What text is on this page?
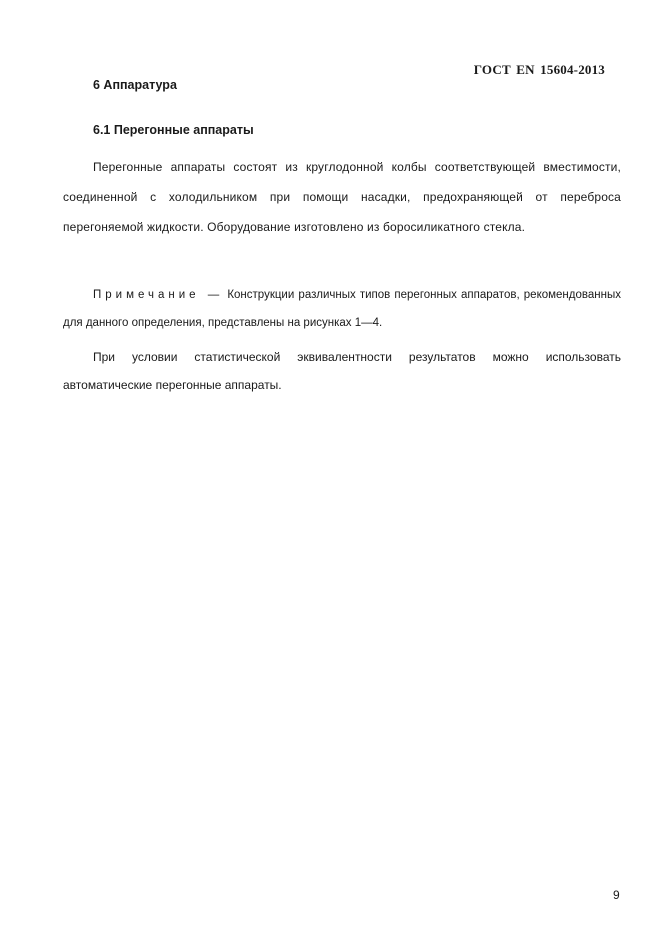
ГОСТ EN 15604-2013
6 Аппаратура
6.1 Перегонные аппараты

Перегонные аппараты состоят из круглодонной колбы соответствующей вместимости, соединенной с холодильником при помощи насадки, предохраняющей от переброса перегоняемой жидкости. Оборудование изготовлено из боросиликатного стекла.

Примечание — Конструкции различных типов перегонных аппаратов, рекомендованных для данного определения, представлены на рисунках 1—4.

При условии статистической эквивалентности результатов можно использовать автоматические перегонные аппараты.

9
